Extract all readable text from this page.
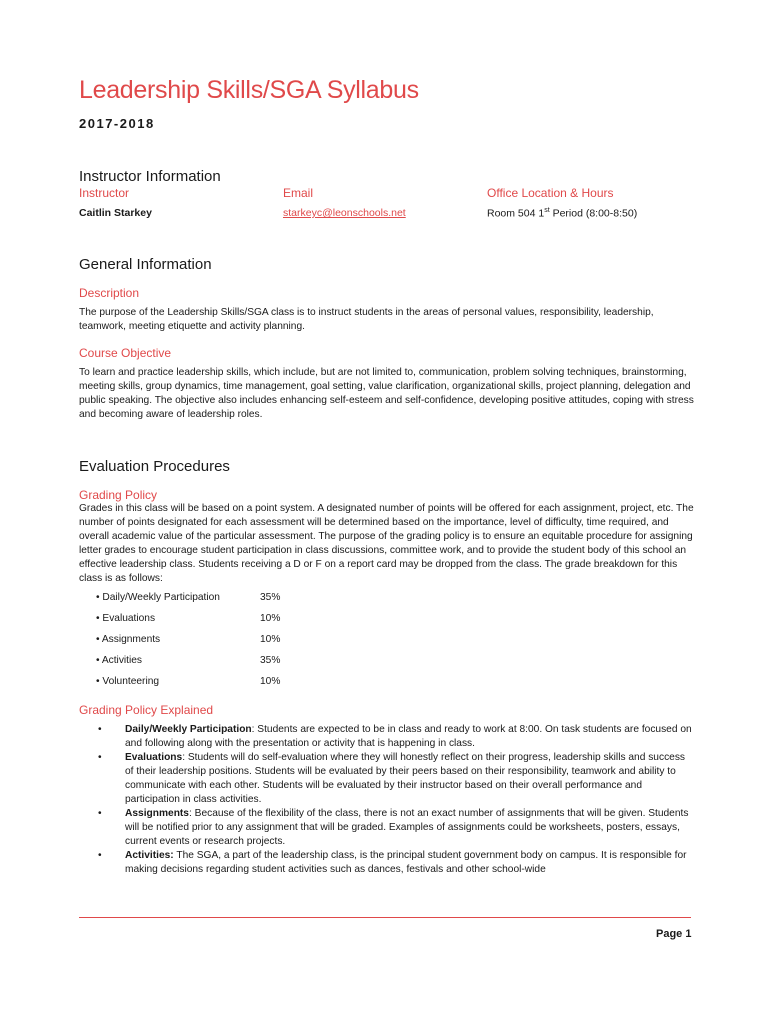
Leadership Skills/SGA Syllabus
2017-2018
Instructor Information
Instructor	Email	Office Location & Hours
Caitlin Starkey	starkeyc@leonschools.net	Room 504 1st Period (8:00-8:50)
General Information
Description

The purpose of the Leadership Skills/SGA class is to instruct students in the areas of personal values, responsibility, leadership, teamwork, meeting etiquette and activity planning.

Course Objective

To learn and practice leadership skills, which include, but are not limited to, communication, problem solving techniques, brainstorming, meeting skills, group dynamics, time management, goal setting, value clarification, organizational skills, project planning, delegation and public speaking. The objective also includes enhancing self-esteem and self-confidence, developing positive attitudes, coping with stress and becoming aware of leadership roles.

Evaluation Procedures
Grading Policy

Grades in this class will be based on a point system. A designated number of points will be offered for each assignment, project, etc. The number of points designated for each assessment will be determined based on the importance, level of difficulty, time required, and overall academic value of the particular assessment. The purpose of the grading policy is to ensure an equitable procedure for assigning letter grades to encourage student participation in class discussions, committee work, and to provide the student body of this school an effective leadership class. Students receiving a D or F on a report card may be dropped from the class. The grade breakdown for this class is as follows:

• Daily/Weekly Participation	35%
• Evaluations	10%
• Assignments	10%
• Activities	35%
• Volunteering	10%
Grading Policy Explained
• Daily/Weekly Participation: Students are expected to be in class and ready to work at 8:00. On task students are focused on and following along with the presentation or activity that is happening in class.
• Evaluations: Students will do self-evaluation where they will honestly reflect on their progress, leadership skills and success of their leadership positions. Students will be evaluated by their peers based on their responsibility, teamwork and ability to communicate with each other. Students will be evaluated by their instructor based on their overall performance and participation in class activities.
• Assignments: Because of the flexibility of the class, there is not an exact number of assignments that will be given. Students will be notified prior to any assignment that will be graded. Examples of assignments could be worksheets, posters, essays, current events or research projects.
• Activities: The SGA, a part of the leadership class, is the principal student government body on campus. It is responsible for making decisions regarding student activities such as dances, festivals and other school-wide
Page 1
